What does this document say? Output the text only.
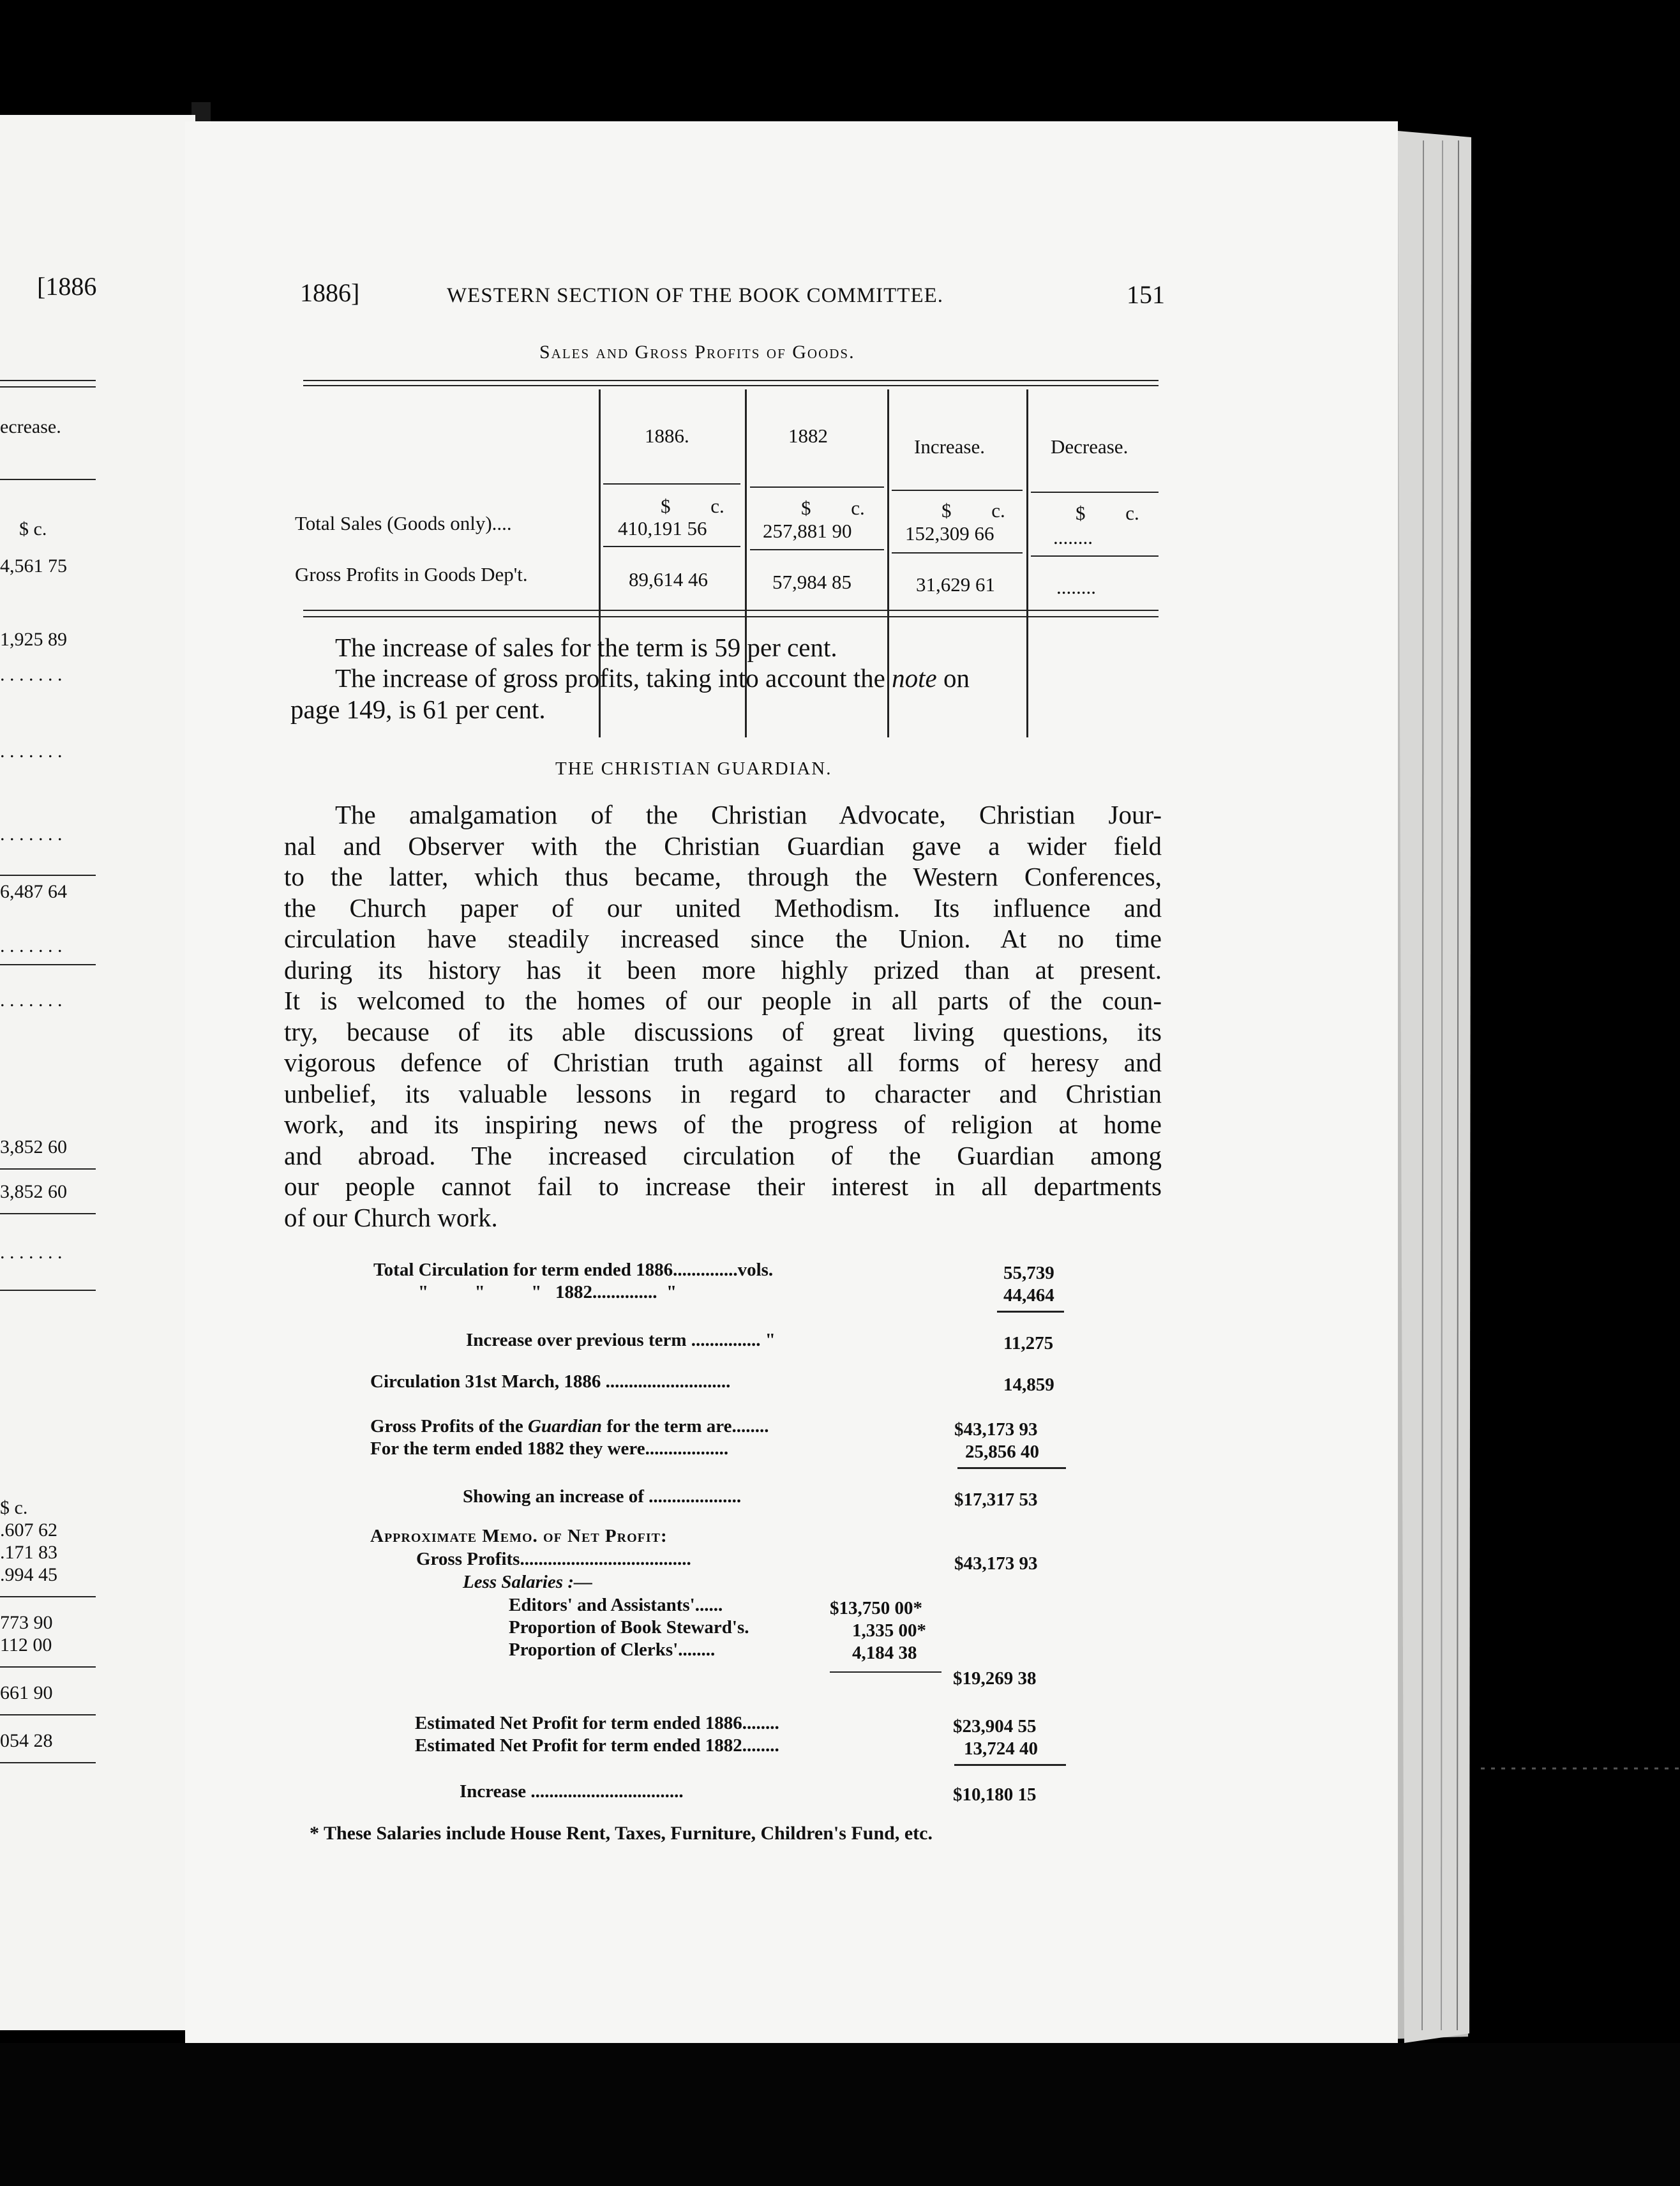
[1886
ecrease.
$ c.
4,561 75
1,925 89
. . . . . . .
. . . . . . .
. . . . . . .
6,487 64
. . . . . . .
. . . . . . .
3,852 60
3,852 60
. . . . . . .
$ c.
.607 62
.171 83
.994 45
773 90
112 00
661 90
054 28
1886]	WESTERN SECTION OF THE BOOK COMMITTEE.	151
Sales and Gross Profits of Goods.
1886.	1882	Increase.	Decrease.
$ c.	$ c.	$ c.	$ c.
Total Sales (Goods only)....	410,191 56	257,881 90	152,309 66	........
Gross Profits in Goods Dep't.	89,614 46	57,984 85	31,629 61	........
The increase of sales for the term is 59 per cent.
The increase of gross profits, taking into account the note on
page 149, is 61 per cent.
THE CHRISTIAN GUARDIAN.
The amalgamation of the Christian Advocate, Christian Jour-
nal and Observer with the Christian Guardian gave a wider field
to the latter, which thus became, through the Western Conferences,
the Church paper of our united Methodism. Its influence and
circulation have steadily increased since the Union. At no time
during its history has it been more highly prized than at present.
It is welcomed to the homes of our people in all parts of the coun-
try, because of its able discussions of great living questions, its
vigorous defence of Christian truth against all forms of heresy and
unbelief, its valuable lessons in regard to character and Christian
work, and its inspiring news of the progress of religion at home
and abroad. The increased circulation of the Guardian among
our people cannot fail to increase their interest in all departments
of our Church work.
Total Circulation for term ended 1886..............vols.	55,739
"          "          "   1882..............  "	44,464
Increase over previous term ............... "	11,275
Circulation 31st March, 1886 ...........................	14,859
Gross Profits of the Guardian for the term are........	$43,173 93
For the term ended 1882 they were..................	25,856 40
Showing an increase of ....................	$17,317 53
Approximate Memo. of Net Profit:
Gross Profits.....................................	$43,173 93
Less Salaries :—
Editors' and Assistants'......	$13,750 00*
Proportion of Book Steward's.	1,335 00*
Proportion of Clerks'........	4,184 38
$19,269 38
Estimated Net Profit for term ended 1886........	$23,904 55
Estimated Net Profit for term ended 1882........	13,724 40
Increase .................................	$10,180 15
* These Salaries include House Rent, Taxes, Furniture, Children's Fund, etc.
